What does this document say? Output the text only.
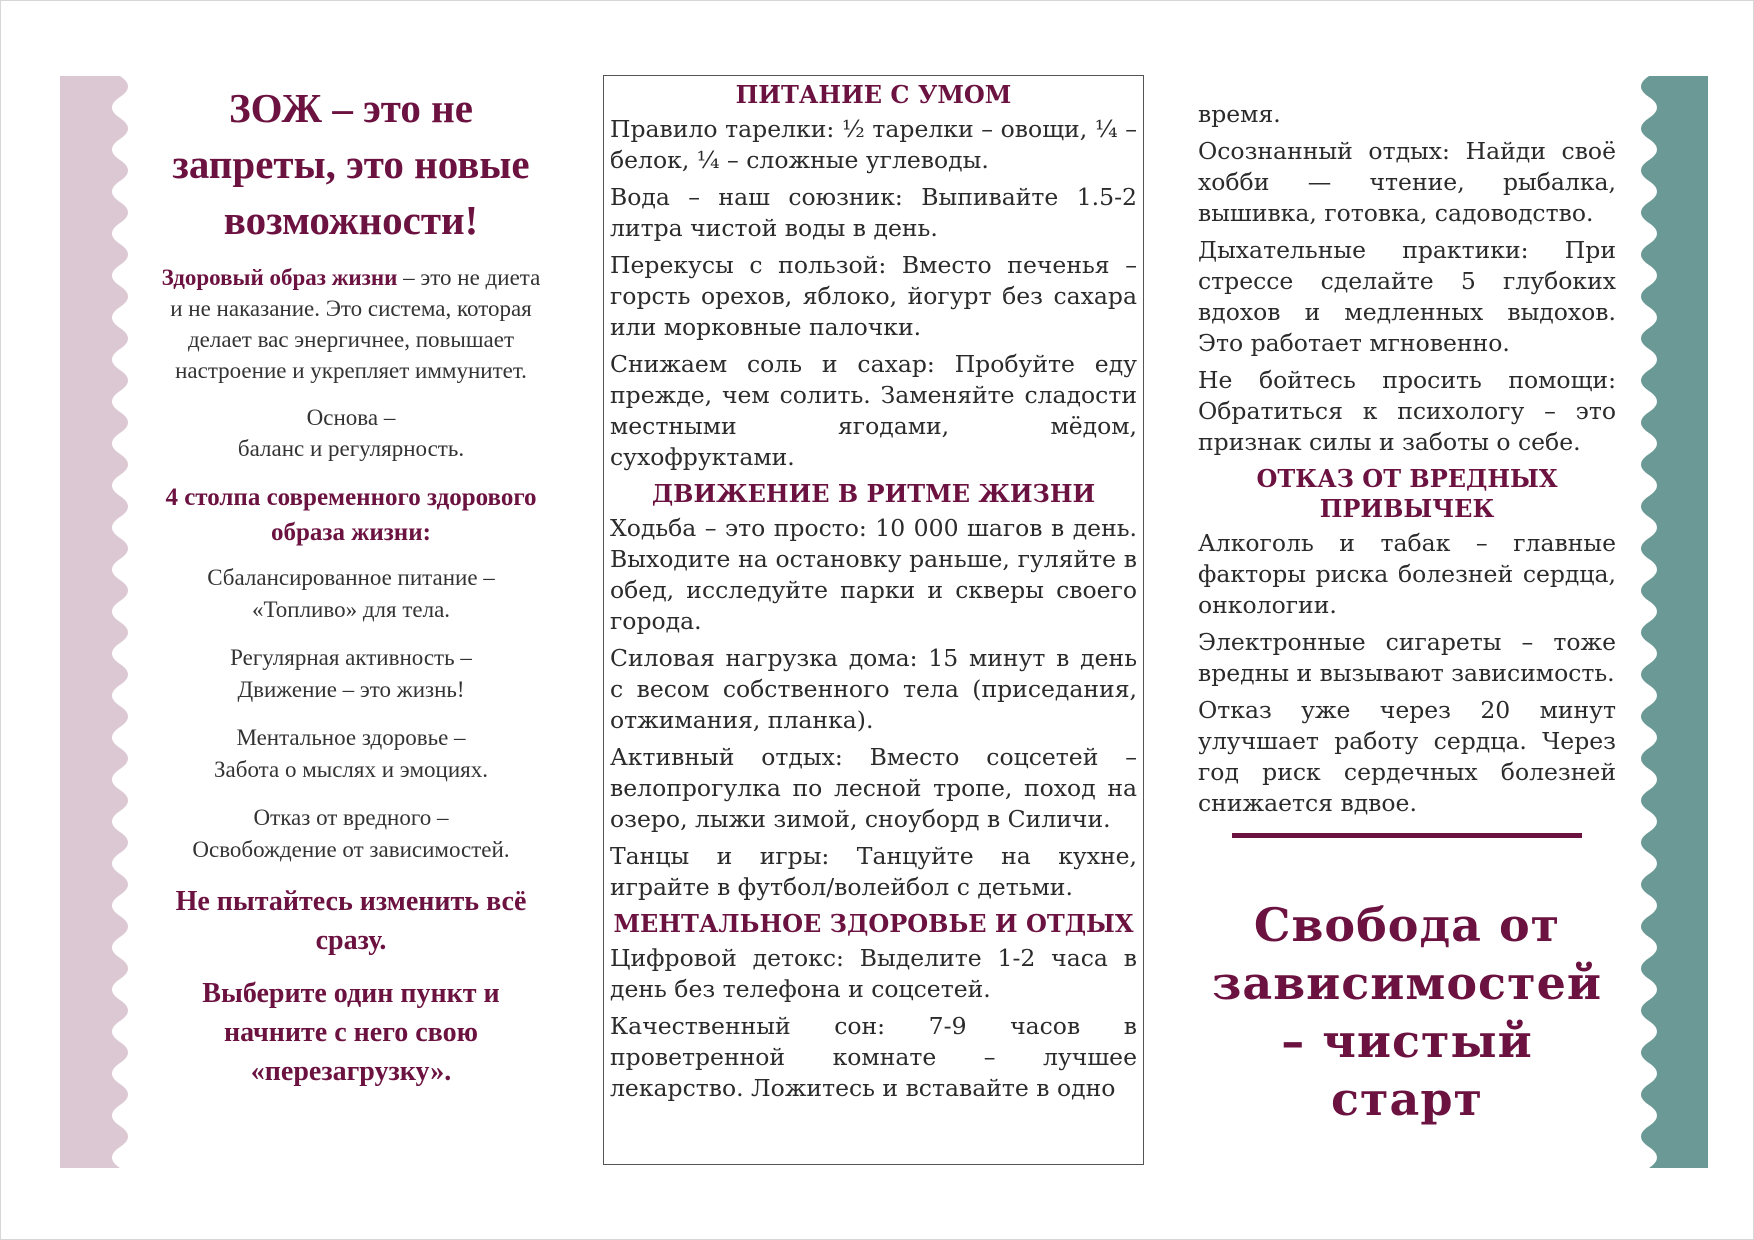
ЗОЖ – это не запреты, это новые возможности!
Здоровый образ жизни – это не диета и не наказание. Это система, которая делает вас энергичнее, повышает настроение и укрепляет иммунитет.
Основа –
баланс и регулярность.
4 столпа современного здорового образа жизни:
Сбалансированное питание –
«Топливо» для тела.
Регулярная активность –
Движение – это жизнь!
Ментальное здоровье –
Забота о мыслях и эмоциях.
Отказ от вредного –
Освобождение от зависимостей.
Не пытайтесь изменить всё сразу.
Выберите один пункт и начните с него свою «перезагрузку».
ПИТАНИЕ С УМОМ

Правило тарелки: ½ тарелки – овощи, ¼ – белок, ¼ – сложные углеводы.

Вода – наш союзник: Выпивайте 1.5-2 литра чистой воды в день.

Перекусы с пользой: Вместо печенья – горсть орехов, яблоко, йогурт без сахара или морковные палочки.

Снижаем соль и сахар: Пробуйте еду прежде, чем солить. Заменяйте сладости местными ягодами, мёдом, сухофруктами.

ДВИЖЕНИЕ В РИТМЕ ЖИЗНИ

Ходьба – это просто: 10 000 шагов в день. Выходите на остановку раньше, гуляйте в обед, исследуйте парки и скверы своего города.

Силовая нагрузка дома: 15 минут в день с весом собственного тела (приседания, отжимания, планка).

Активный отдых: Вместо соцсетей – велопрогулка по лесной тропе, поход на озеро, лыжи зимой, сноуборд в Силичи.

Танцы и игры: Танцуйте на кухне, играйте в футбол/волейбол с детьми.

МЕНТАЛЬНОЕ ЗДОРОВЬЕ И ОТДЫХ

Цифровой детокс: Выделите 1-2 часа в день без телефона и соцсетей.

Качественный сон: 7-9 часов в проветренной комнате – лучшее лекарство. Ложитесь и вставайте в одно

время.

Осознанный отдых: Найди своё хобби — чтение, рыбалка, вышивка, готовка, садоводство.

Дыхательные практики: При стрессе сделайте 5 глубоких вдохов и медленных выдохов. Это работает мгновенно.

Не бойтесь просить помощи: Обратиться к психологу – это признак силы и заботы о себе.

ОТКАЗ ОТ ВРЕДНЫХ ПРИВЫЧЕК

Алкоголь и табак – главные факторы риска болезней сердца, онкологии.

Электронные сигареты – тоже вредны и вызывают зависимость.

Отказ уже через 20 минут улучшает работу сердца. Через год риск сердечных болезней снижается вдвое.

Свобода от зависимостей – чистый старт
